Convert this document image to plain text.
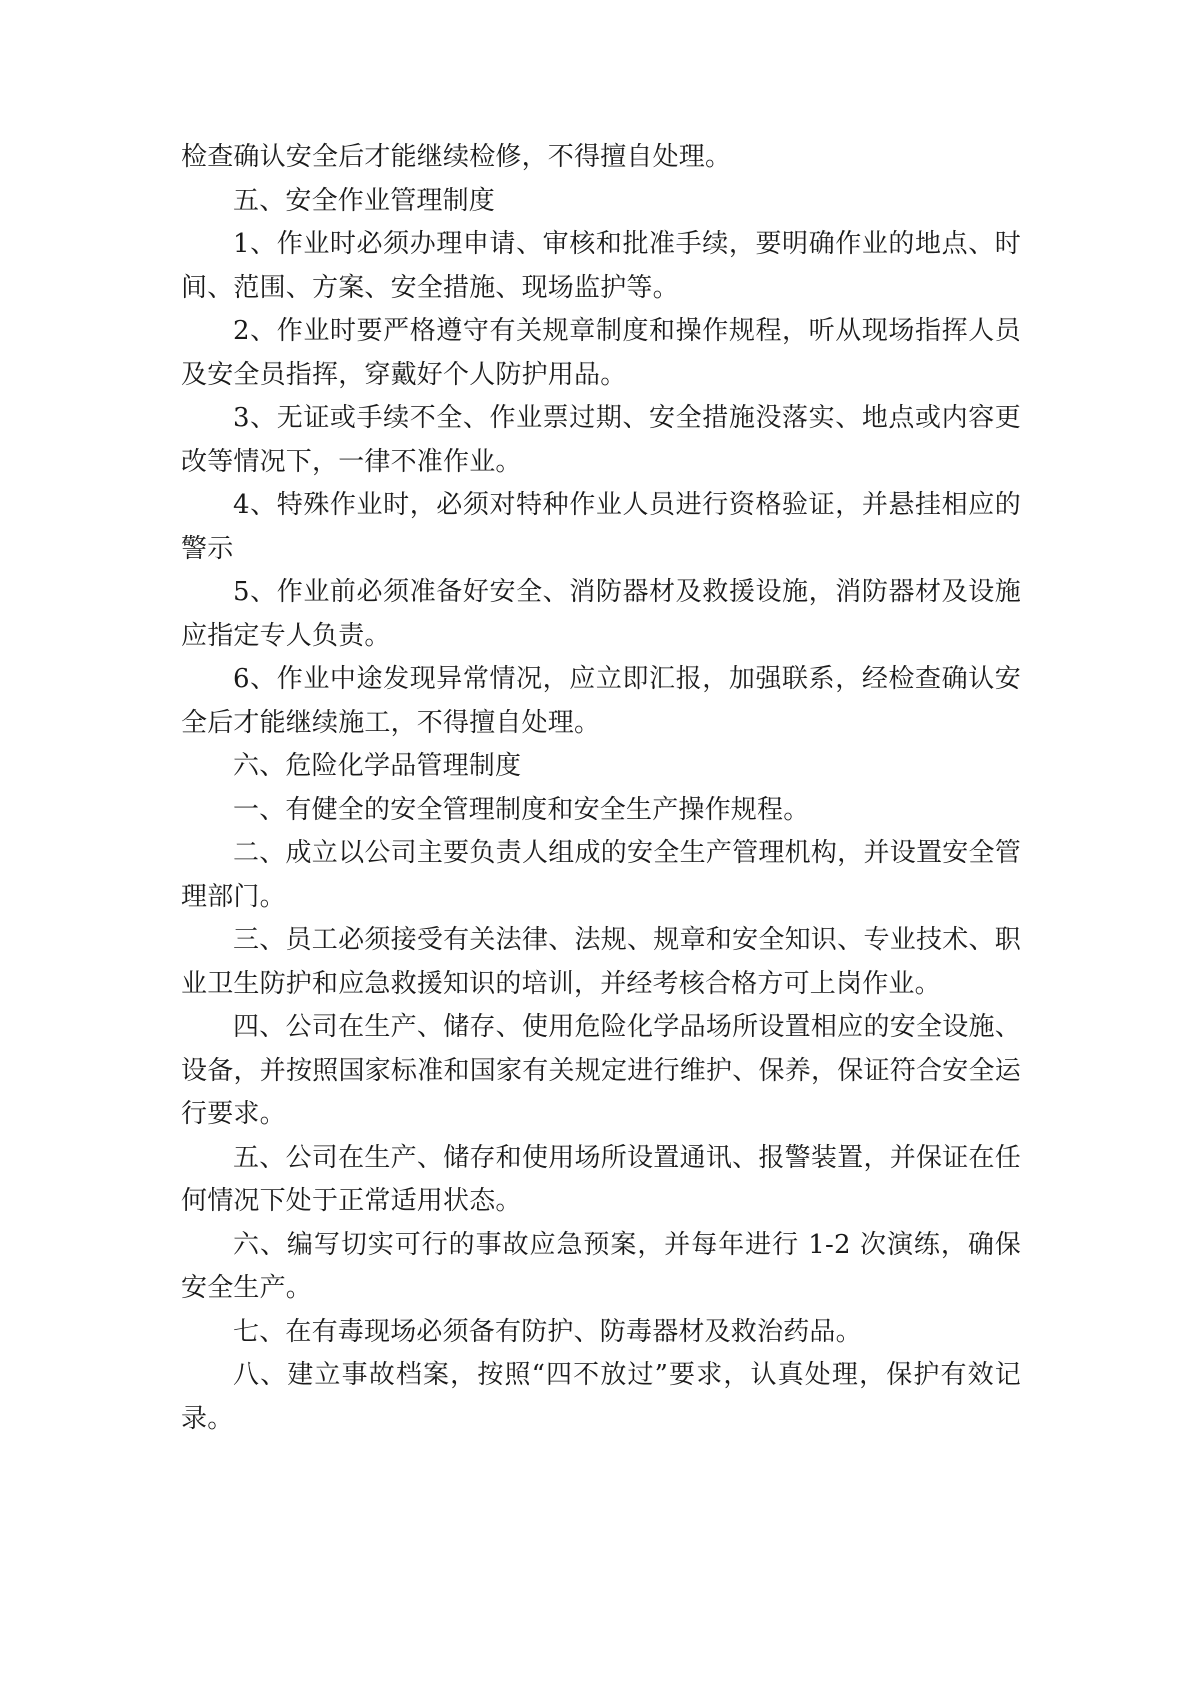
检查确认安全后才能继续检修，不得擅自处理。

五、安全作业管理制度

1、作业时必须办理申请、审核和批准手续，要明确作业的地点、时间、范围、方案、安全措施、现场监护等。

2、作业时要严格遵守有关规章制度和操作规程，听从现场指挥人员及安全员指挥，穿戴好个人防护用品。

3、无证或手续不全、作业票过期、安全措施没落实、地点或内容更改等情况下，一律不准作业。

4、特殊作业时，必须对特种作业人员进行资格验证，并悬挂相应的警示

5、作业前必须准备好安全、消防器材及救援设施，消防器材及设施应指定专人负责。

6、作业中途发现异常情况，应立即汇报，加强联系，经检查确认安全后才能继续施工，不得擅自处理。

六、危险化学品管理制度

一、有健全的安全管理制度和安全生产操作规程。

二、成立以公司主要负责人组成的安全生产管理机构，并设置安全管理部门。

三、员工必须接受有关法律、法规、规章和安全知识、专业技术、职业卫生防护和应急救援知识的培训，并经考核合格方可上岗作业。

四、公司在生产、储存、使用危险化学品场所设置相应的安全设施、设备，并按照国家标准和国家有关规定进行维护、保养，保证符合安全运行要求。

五、公司在生产、储存和使用场所设置通讯、报警装置，并保证在任何情况下处于正常适用状态。

六、编写切实可行的事故应急预案，并每年进行 1-2 次演练，确保安全生产。

七、在有毒现场必须备有防护、防毒器材及救治药品。

八、建立事故档案，按照“四不放过”要求，认真处理，保护有效记录。
